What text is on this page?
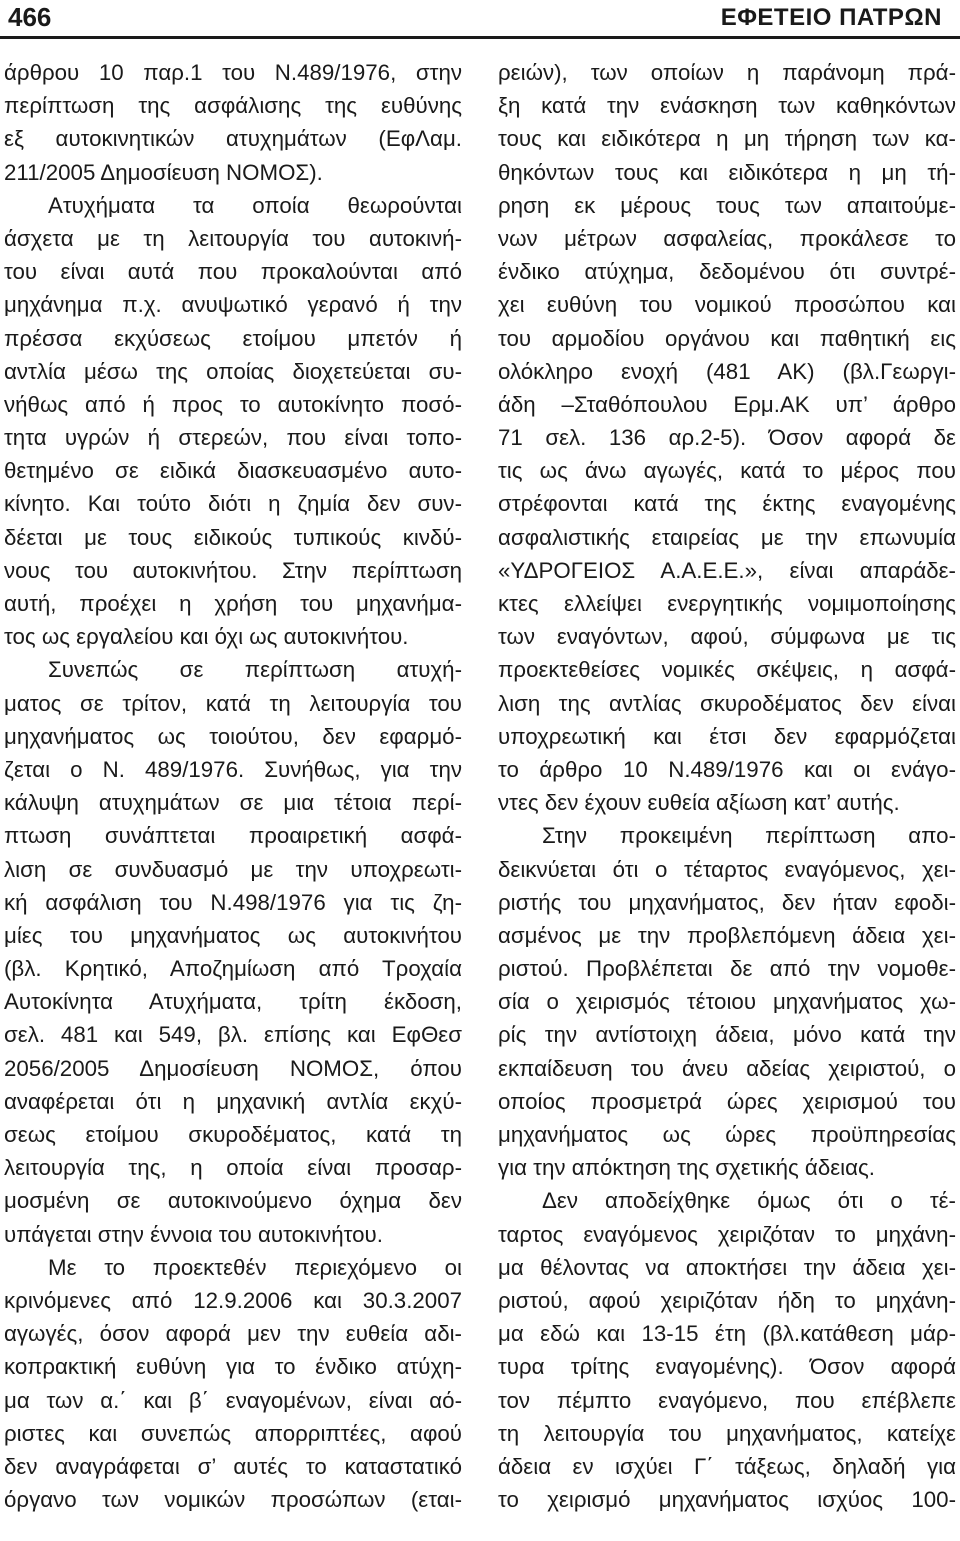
466	ΕΦΕΤΕΙΟ ΠΑΤΡΩΝ
άρθρου 10 παρ.1 του Ν.489/1976, στην
περίπτωση της ασφάλισης της ευθύνης
εξ αυτοκινητικών ατυχημάτων (ΕφΛαμ.
211/2005 Δημοσίευση ΝΟΜΟΣ).
Ατυχήματα τα οποία θεωρούνται
άσχετα με τη λειτουργία του αυτοκινή-
του είναι αυτά που προκαλούνται από
μηχάνημα π.χ. ανυψωτικό γερανό ή την
πρέσσα εκχύσεως ετοίμου μπετόν ή
αντλία μέσω της οποίας διοχετεύεται συ-
νήθως από ή προς το αυτοκίνητο ποσό-
τητα υγρών ή στερεών, που είναι τοπο-
θετημένο σε ειδικά διασκευασμένο αυτο-
κίνητο. Και τούτο διότι η ζημία δεν συν-
δέεται με τους ειδικούς τυπικούς κινδύ-
νους του αυτοκινήτου. Στην περίπτωση
αυτή, προέχει η χρήση του μηχανήμα-
τος ως εργαλείου και όχι ως αυτοκινήτου.
Συνεπώς σε περίπτωση ατυχή-
ματος σε τρίτον, κατά τη λειτουργία του
μηχανήματος ως τοιούτου, δεν εφαρμό-
ζεται ο Ν. 489/1976. Συνήθως, για την
κάλυψη ατυχημάτων σε μια τέτοια περί-
πτωση συνάπτεται προαιρετική ασφά-
λιση σε συνδυασμό με την υποχρεωτι-
κή ασφάλιση του Ν.498/1976 για τις ζη-
μίες του μηχανήματος ως αυτοκινήτου
(βλ. Κρητικό, Αποζημίωση από Τροχαία
Αυτοκίνητα Ατυχήματα, τρίτη έκδοση,
σελ. 481 και 549, βλ. επίσης και ΕφΘεσ
2056/2005 Δημοσίευση ΝΟΜΟΣ, όπου
αναφέρεται ότι η μηχανική αντλία εκχύ-
σεως ετοίμου σκυροδέματος, κατά τη
λειτουργία της, η οποία είναι προσαρ-
μοσμένη σε αυτοκινούμενο όχημα δεν
υπάγεται στην έννοια του αυτοκινήτου.
Με το προεκτεθέν περιεχόμενο οι
κρινόμενες από 12.9.2006 και 30.3.2007
αγωγές, όσον αφορά μεν την ευθεία αδι-
κοπρακτική ευθύνη για το ένδικο ατύχη-
μα των α.΄ και β΄ εναγομένων, είναι αό-
ριστες και συνεπώς απορριπτέες, αφού
δεν αναγράφεται σ’ αυτές το καταστατικό
όργανο των νομικών προσώπων (εται-
ρειών), των οποίων η παράνομη πρά-
ξη κατά την ενάσκηση των καθηκόντων
τους και ειδικότερα η μη τήρηση των κα-
θηκόντων τους και ειδικότερα η μη τή-
ρηση εκ μέρους τους των απαιτούμε-
νων μέτρων ασφαλείας, προκάλεσε το
ένδικο ατύχημα, δεδομένου ότι συντρέ-
χει ευθύνη του νομικού προσώπου και
του αρμοδίου οργάνου και παθητική εις
ολόκληρο ενοχή (481 ΑΚ) (βλ.Γεωργι-
άδη –Σταθόπουλου Ερμ.ΑΚ υπ’ άρθρο
71 σελ. 136 αρ.2-5). Όσον αφορά δε
τις ως άνω αγωγές, κατά το μέρος που
στρέφονται κατά της έκτης εναγομένης
ασφαλιστικής εταιρείας με την επωνυμία
«ΥΔΡΟΓΕΙΟΣ Α.Α.Ε.Ε.», είναι απαράδε-
κτες ελλείψει ενεργητικής νομιμοποίησης
των εναγόντων, αφού, σύμφωνα με τις
προεκτεθείσες νομικές σκέψεις, η ασφά-
λιση της αντλίας σκυροδέματος δεν είναι
υποχρεωτική και έτσι δεν εφαρμόζεται
το άρθρο 10 Ν.489/1976 και οι ενάγο-
ντες δεν έχουν ευθεία αξίωση κατ’ αυτής.
Στην προκειμένη περίπτωση απο-
δεικνύεται ότι ο τέταρτος εναγόμενος, χει-
ριστής του μηχανήματος, δεν ήταν εφοδι-
ασμένος με την προβλεπόμενη άδεια χει-
ριστού. Προβλέπεται δε από την νομοθε-
σία ο χειρισμός τέτοιου μηχανήματος χω-
ρίς την αντίστοιχη άδεια, μόνο κατά την
εκπαίδευση του άνευ αδείας χειριστού, ο
οποίος προσμετρά ώρες χειρισμού του
μηχανήματος ως ώρες προϋπηρεσίας
για την απόκτηση της σχετικής άδειας.
Δεν αποδείχθηκε όμως ότι ο τέ-
ταρτος εναγόμενος χειριζόταν το μηχάνη-
μα θέλοντας να αποκτήσει την άδεια χει-
ριστού, αφού χειριζόταν ήδη το μηχάνη-
μα εδώ και 13-15 έτη (βλ.κατάθεση μάρ-
τυρα τρίτης εναγομένης). Όσον αφορά
τον πέμπτο εναγόμενο, που επέβλεπε
τη λειτουργία του μηχανήματος, κατείχε
άδεια εν ισχύει Γ΄ τάξεως, δηλαδή για
το χειρισμό μηχανήματος ισχύος 100-
